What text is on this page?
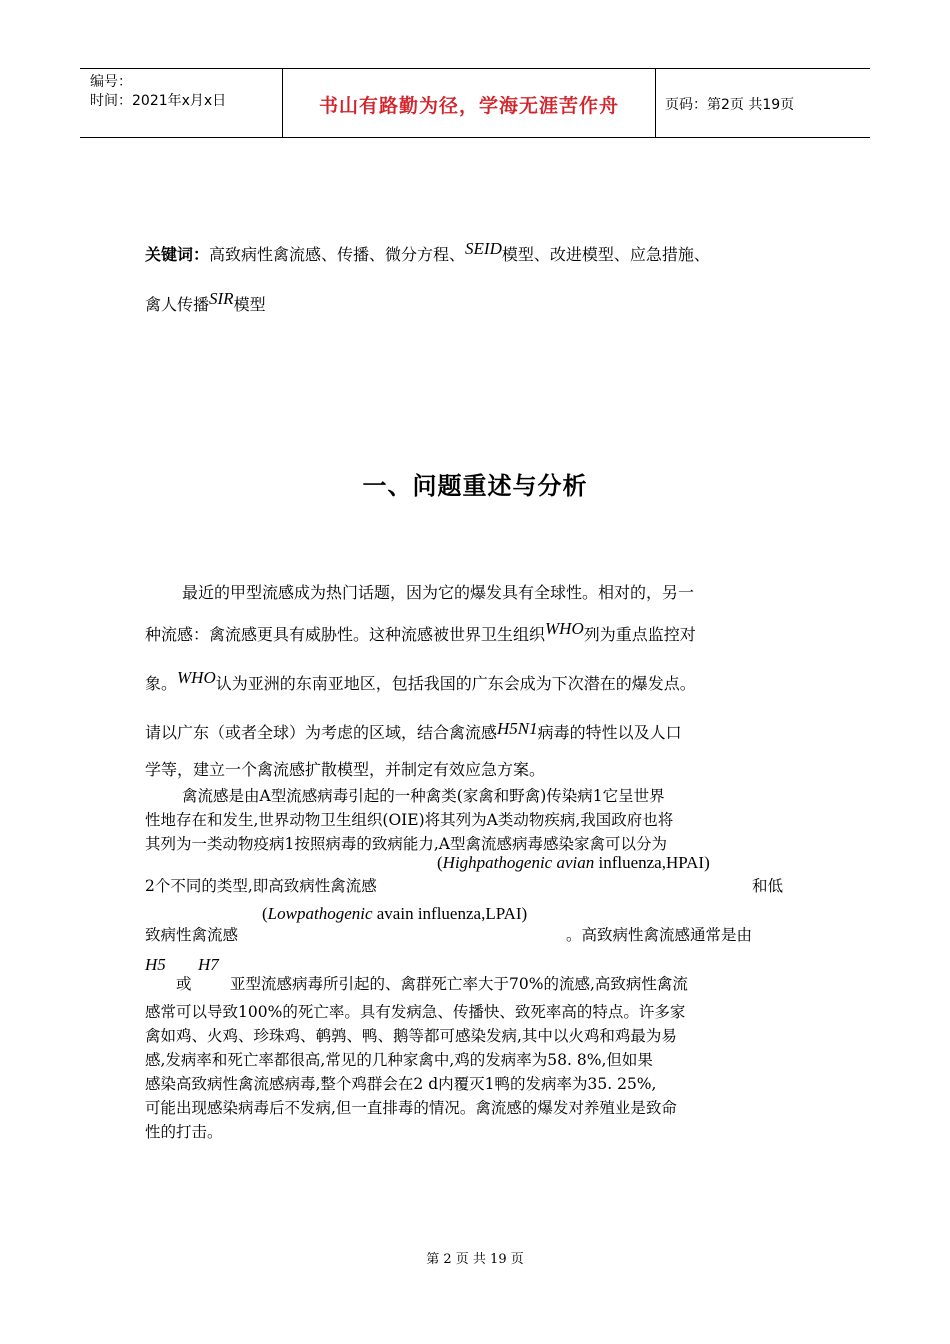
编号：
时间：2021年x月x日	书山有路勤为径，学海无涯苦作舟	页码：第2页 共19页
关键词：高致病性禽流感、传播、微分方程、SEID模型、改进模型、应急措施、
禽人传播SIR模型
一、问题重述与分析
最近的甲型流感成为热门话题，因为它的爆发具有全球性。相对的，另一
种流感：禽流感更具有威胁性。这种流感被世界卫生组织WHO列为重点监控对
象。WHO认为亚洲的东南亚地区，包括我国的广东会成为下次潜在的爆发点。
请以广东（或者全球）为考虑的区域，结合禽流感H5N1病毒的特性以及人口
学等，建立一个禽流感扩散模型，并制定有效应急方案。
禽流感是由A型流感病毒引起的一种禽类(家禽和野禽)传染病1它呈世界
性地存在和发生,世界动物卫生组织(OIE)将其列为A类动物疾病,我国政府也将
其列为一类动物疫病1按照病毒的致病能力,A型禽流感病毒感染家禽可以分为
(Highpathogenic avian influenza,HPAI)
2个不同的类型,即高致病性禽流感	和低
(Lowpathogenic avain influenza,LPAI)
致病性禽流感	。高致病性禽流感通常是由
H5 H7
或 亚型流感病毒所引起的、禽群死亡率大于70%的流感,高致病性禽流
感常可以导致100%的死亡率。具有发病急、传播快、致死率高的特点。许多家
禽如鸡、火鸡、珍珠鸡、鹌鹑、鸭、鹅等都可感染发病,其中以火鸡和鸡最为易
感,发病率和死亡率都很高,常见的几种家禽中,鸡的发病率为58. 8%,但如果
感染高致病性禽流感病毒,整个鸡群会在2 d内覆灭1鸭的发病率为35. 25%,
可能出现感染病毒后不发病,但一直排毒的情况。禽流感的爆发对养殖业是致命
性的打击。
第 2 页 共 19 页
